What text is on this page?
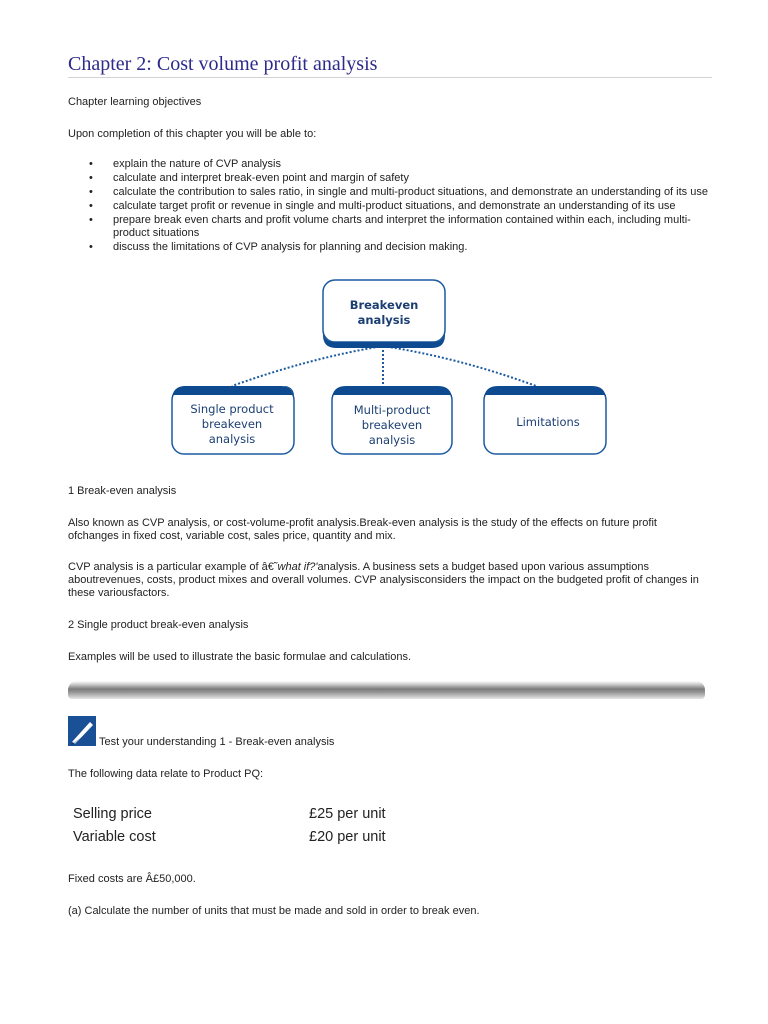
Chapter 2: Cost volume profit analysis
Chapter learning objectives
Upon completion of this chapter you will be able to:
• explain the nature of CVP analysis
• calculate and interpret break-even point and margin of safety
• calculate the contribution to sales ratio, in single and multi-product situations, and demonstrate an understanding of its use
• calculate target profit or revenue in single and multi-product situations, and demonstrate an understanding of its use
• prepare break even charts and profit volume charts and interpret the information contained within each, including multi-product situations
• discuss the limitations of CVP analysis for planning and decision making.
Breakeven
analysis
Single product
breakeven
analysis
Multi-product
breakeven
analysis
Limitations
1 Break-even analysis
Also known as CVP analysis, or cost-volume-profit analysis.Break-even analysis is the study of the effects on future profit ofchanges in fixed cost, variable cost, sales price, quantity and mix.
CVP analysis is a particular example of â€˜what if?'analysis. A business sets a budget based upon various assumptions aboutrevenues, costs, product mixes and overall volumes. CVP analysisconsiders the impact on the budgeted profit of changes in these variousfactors.
2 Single product break-even analysis
Examples will be used to illustrate the basic formulae and calculations.
Test your understanding 1 - Break-even analysis
The following data relate to Product PQ:
Selling price	£25 per unit
Variable cost	£20 per unit
Fixed costs are Â£50,000.
(a) Calculate the number of units that must be made and sold in order to break even.
